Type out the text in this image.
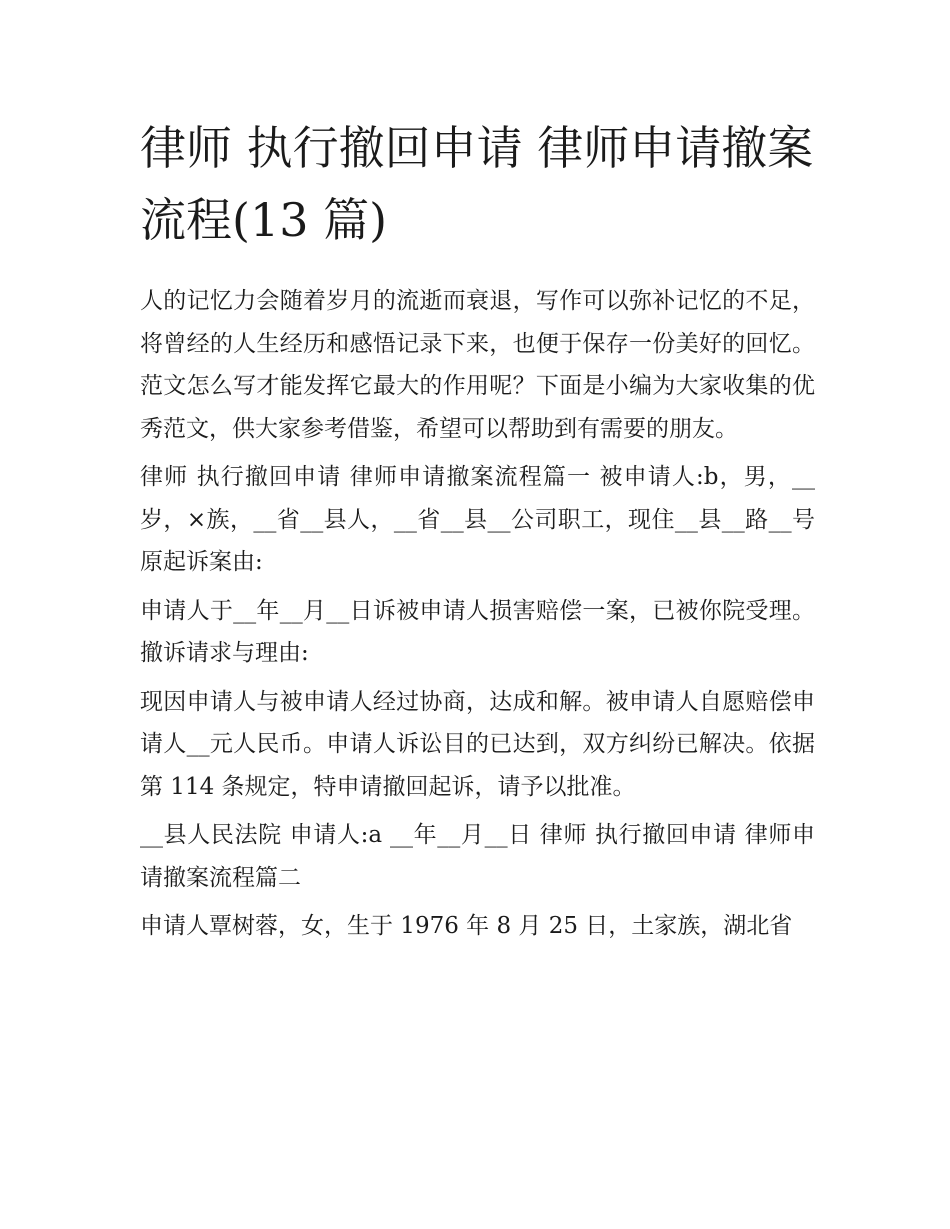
律师 执行撤回申请 律师申请撤案流程(13 篇)

人的记忆力会随着岁月的流逝而衰退，写作可以弥补记忆的不足，将曾经的人生经历和感悟记录下来，也便于保存一份美好的回忆。范文怎么写才能发挥它最大的作用呢？下面是小编为大家收集的优秀范文，供大家参考借鉴，希望可以帮助到有需要的朋友。

律师 执行撤回申请 律师申请撤案流程篇一 被申请人:b，男，__岁，×族，__省__县人，__省__县__公司职工，现住__县__路__号 原起诉案由:

申请人于__年__月__日诉被申请人损害赔偿一案，已被你院受理。 撤诉请求与理由:

现因申请人与被申请人经过协商，达成和解。被申请人自愿赔偿申请人__元人民币。申请人诉讼目的已达到，双方纠纷已解决。依据第 114 条规定，特申请撤回起诉，请予以批准。

__县人民法院 申请人:a __年__月__日 律师 执行撤回申请 律师申请撤案流程篇二

申请人覃树蓉，女，生于 1976 年 8 月 25 日，土家族，湖北省
